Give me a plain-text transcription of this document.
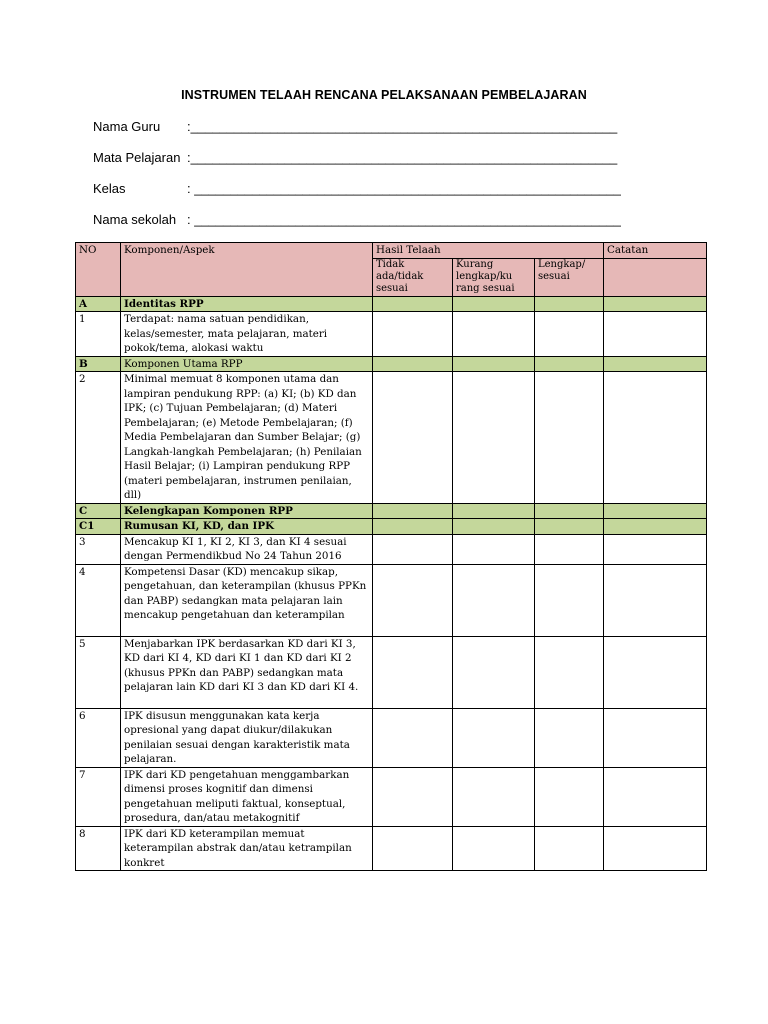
INSTRUMEN TELAAH RENCANA PELAKSANAAN PEMBELAJARAN
Nama Guru :___________________________________________________________
Mata Pelajaran :___________________________________________________________
Kelas	: ___________________________________________________________
Nama sekolah : ___________________________________________________________
NO	Komponen/Aspek	Hasil Telaah			Catatan
		Tidak ada/tidak sesuai	Kurang lengkap/ku rang sesuai	Lengkap/ sesuai	
A	Identitas RPP				
1	Terdapat: nama satuan pendidikan, kelas/semester, mata pelajaran, materi pokok/tema, alokasi waktu				
B	Komponen Utama RPP				
2	Minimal memuat 8 komponen utama dan lampiran pendukung RPP: (a) KI; (b) KD dan IPK; (c) Tujuan Pembelajaran; (d) Materi Pembelajaran; (e) Metode Pembelajaran; (f) Media Pembelajaran dan Sumber Belajar; (g) Langkah-langkah Pembelajaran; (h) Penilaian Hasil Belajar; (i) Lampiran pendukung RPP (materi pembelajaran, instrumen penilaian, dll)				
C	Kelengkapan Komponen RPP				
C1	Rumusan KI, KD, dan IPK				
3	Mencakup KI 1, KI 2, KI 3, dan KI 4 sesuai dengan Permendikbud No 24 Tahun 2016				
4	Kompetensi Dasar (KD) mencakup sikap, pengetahuan, dan keterampilan (khusus PPKn dan PABP) sedangkan mata pelajaran lain mencakup pengetahuan dan keterampilan				
5	Menjabarkan IPK berdasarkan KD dari KI 3, KD dari KI 4, KD dari KI 1 dan KD dari KI 2 (khusus PPKn dan PABP) sedangkan mata pelajaran lain KD dari KI 3 dan KD dari KI 4.				
6	IPK disusun menggunakan kata kerja opresional yang dapat diukur/dilakukan penilaian sesuai dengan karakteristik mata pelajaran.				
7	IPK dari KD pengetahuan menggambarkan dimensi proses kognitif dan dimensi pengetahuan meliputi faktual, konseptual, prosedura, dan/atau metakognitif				
8	IPK dari KD keterampilan memuat keterampilan abstrak dan/atau ketrampilan konkret				
